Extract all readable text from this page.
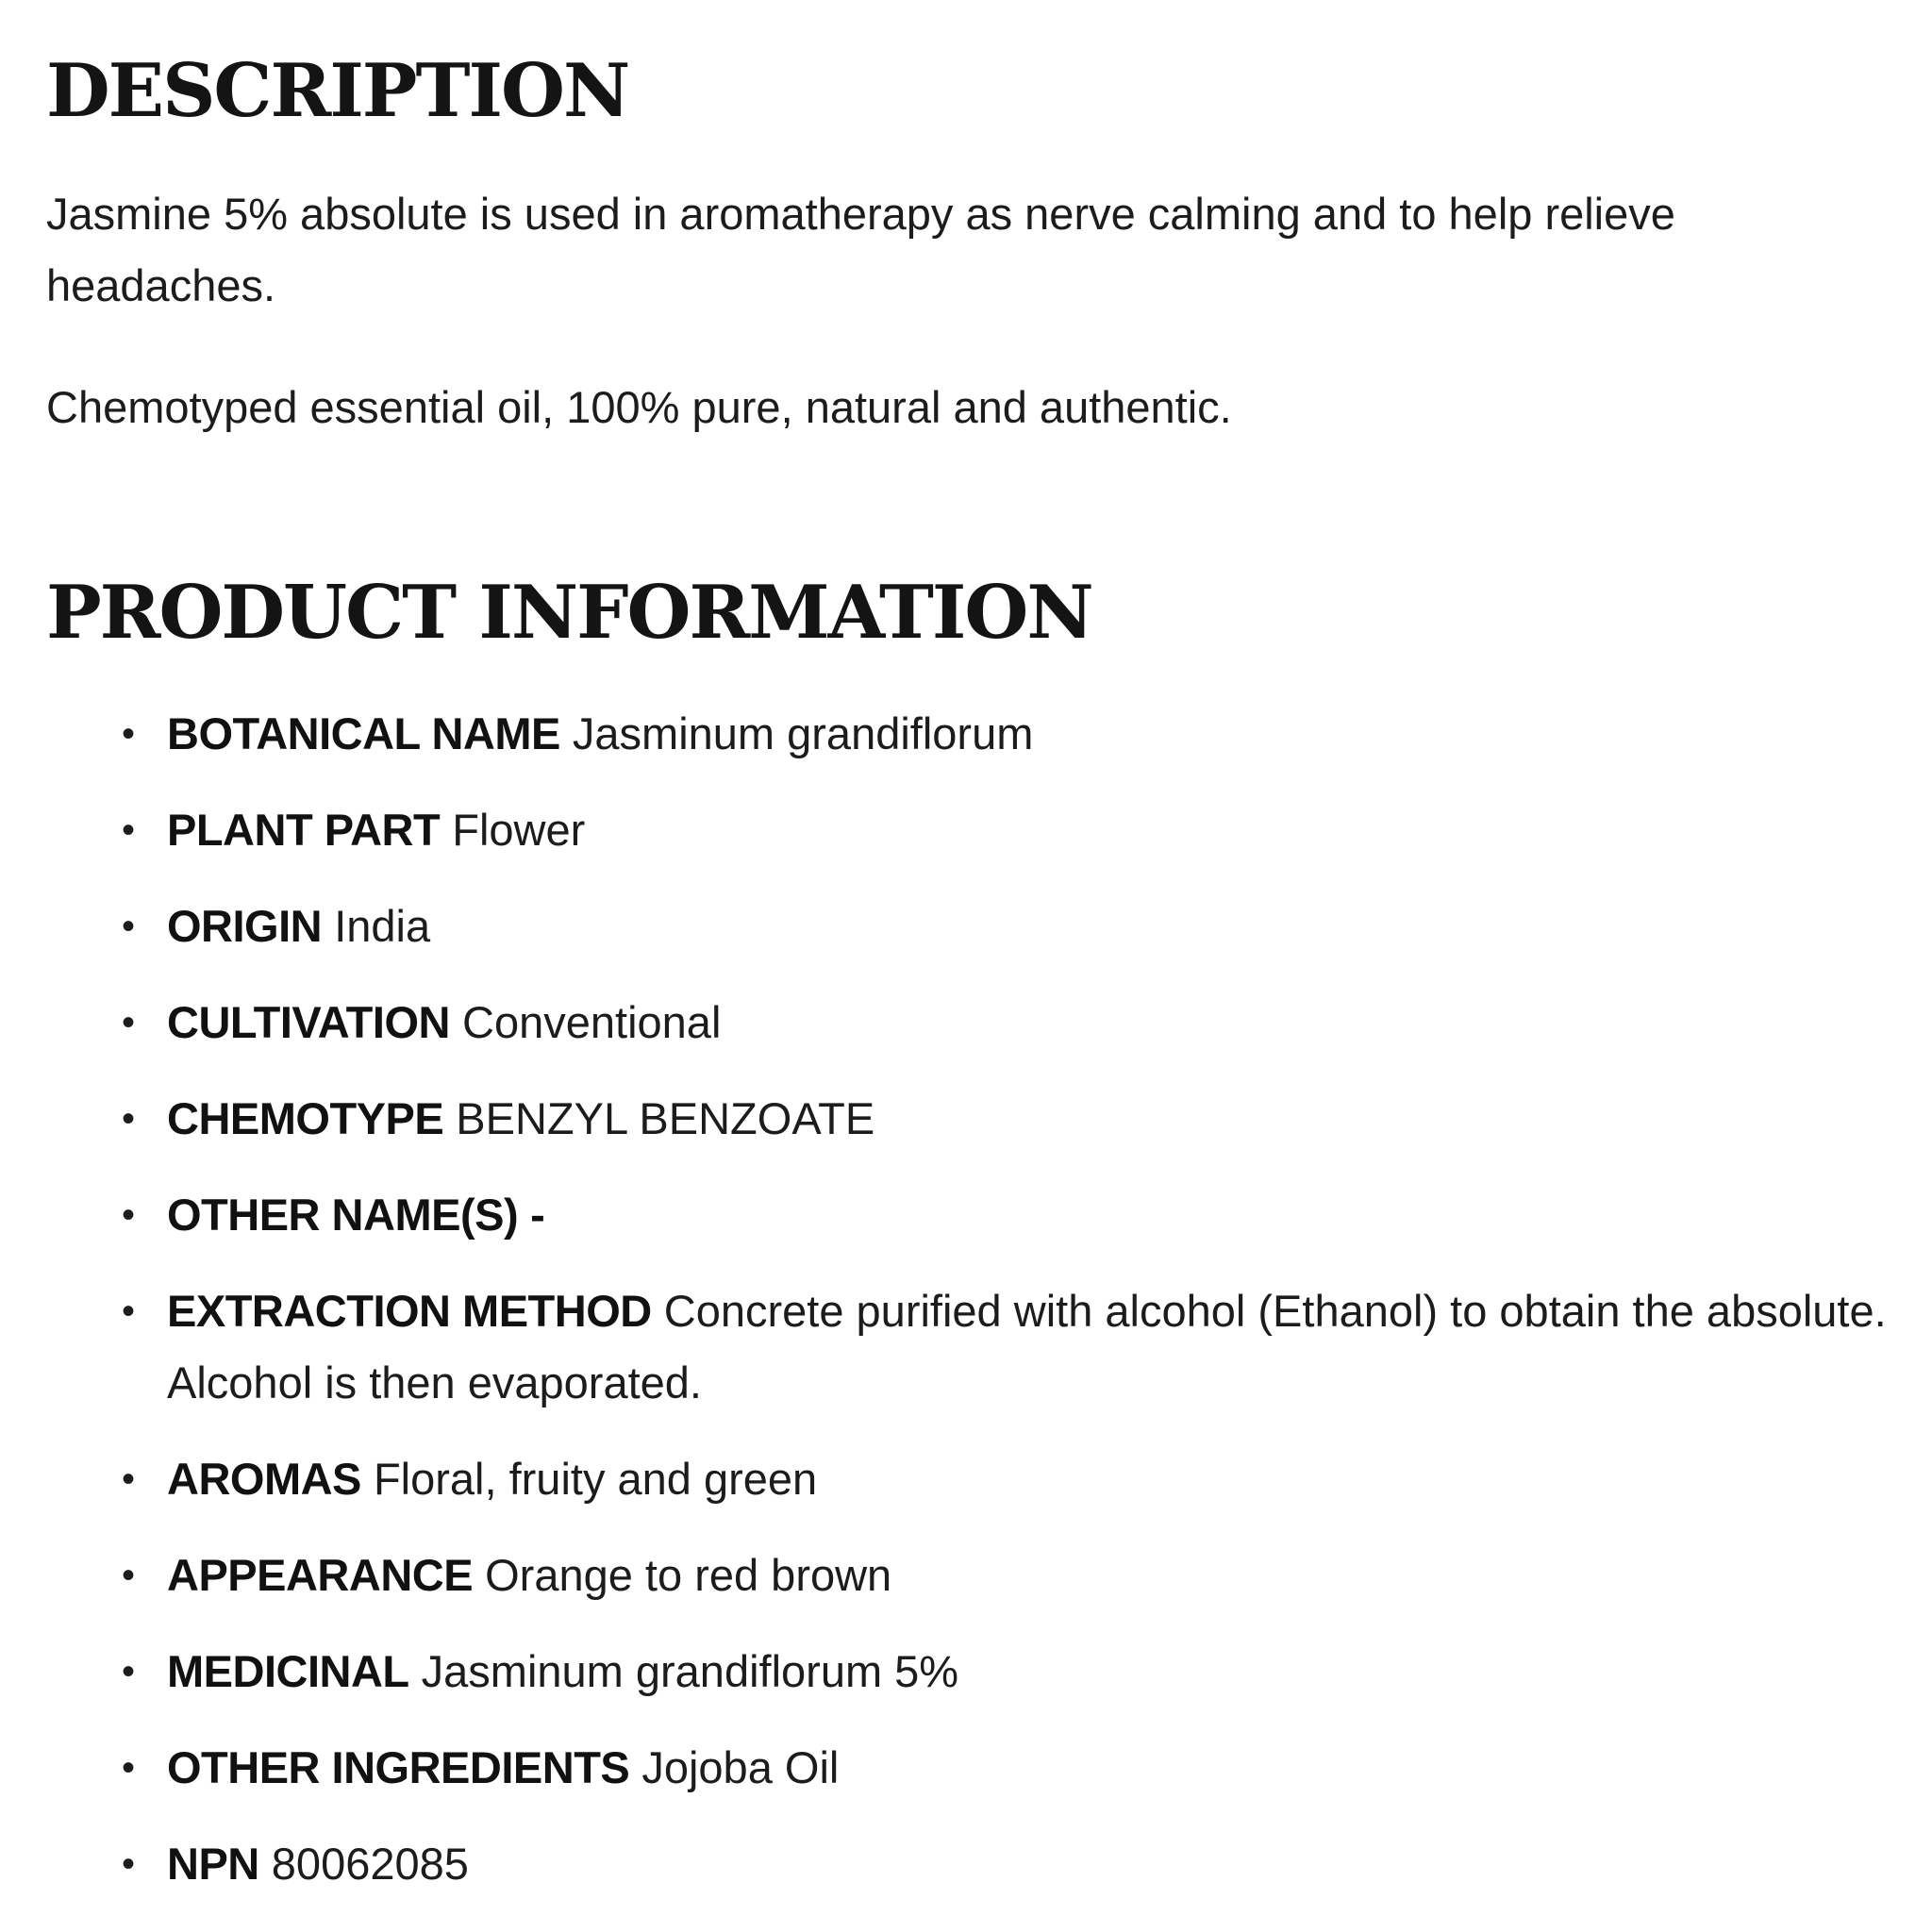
DESCRIPTION

Jasmine 5% absolute is used in aromatherapy as nerve calming and to help relieve headaches.

Chemotyped essential oil, 100% pure, natural and authentic.

PRODUCT INFORMATION
• BOTANICAL NAME Jasminum grandiflorum
• PLANT PART Flower
• ORIGIN India
• CULTIVATION Conventional
• CHEMOTYPE BENZYL BENZOATE
• OTHER NAME(S) -
• EXTRACTION METHOD Concrete purified with alcohol (Ethanol) to obtain the absolute. Alcohol is then evaporated.
• AROMAS Floral, fruity and green
• APPEARANCE Orange to red brown
• MEDICINAL Jasminum grandiflorum 5%
• OTHER INGREDIENTS Jojoba Oil
• NPN 80062085
